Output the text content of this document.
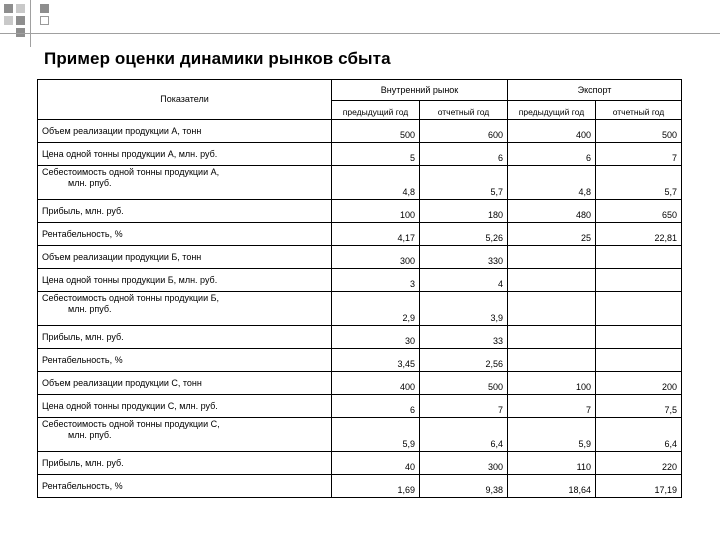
Пример оценки динамики рынков сбыта
Показатели	Внутренний рынок		Экспорт	
	предыдущий год	отчетный год	предыдущий год	отчетный год

Объем реализации продукции А, тонн	500	600	400	500

Цена одной тонны продукции А, млн. руб.	5	6	6	7

Себестоимость одной тонны продукции А,
млн. рпуб.	4,8	5,7	4,8	5,7

Прибыль, млн. руб.	100	180	480	650

Рентабельность, %	4,17	5,26	25	22,81

Объем реализации продукции Б, тонн	300	330		

Цена одной тонны продукции Б, млн. руб.	3	4		

Себестоимость одной тонны продукции Б,
млн. рпуб.	2,9	3,9		

Прибыль, млн. руб.	30	33		

Рентабельность, %	3,45	2,56		

Объем реализации продукции С, тонн	400	500	100	200

Цена одной тонны продукции С, млн. руб.	6	7	7	7,5

Себестоимость одной тонны продукции С,
млн. рпуб.	5,9	6,4	5,9	6,4

Прибыль, млн. руб.	40	300	110	220

Рентабельность, %	1,69	9,38	18,64	17,19
